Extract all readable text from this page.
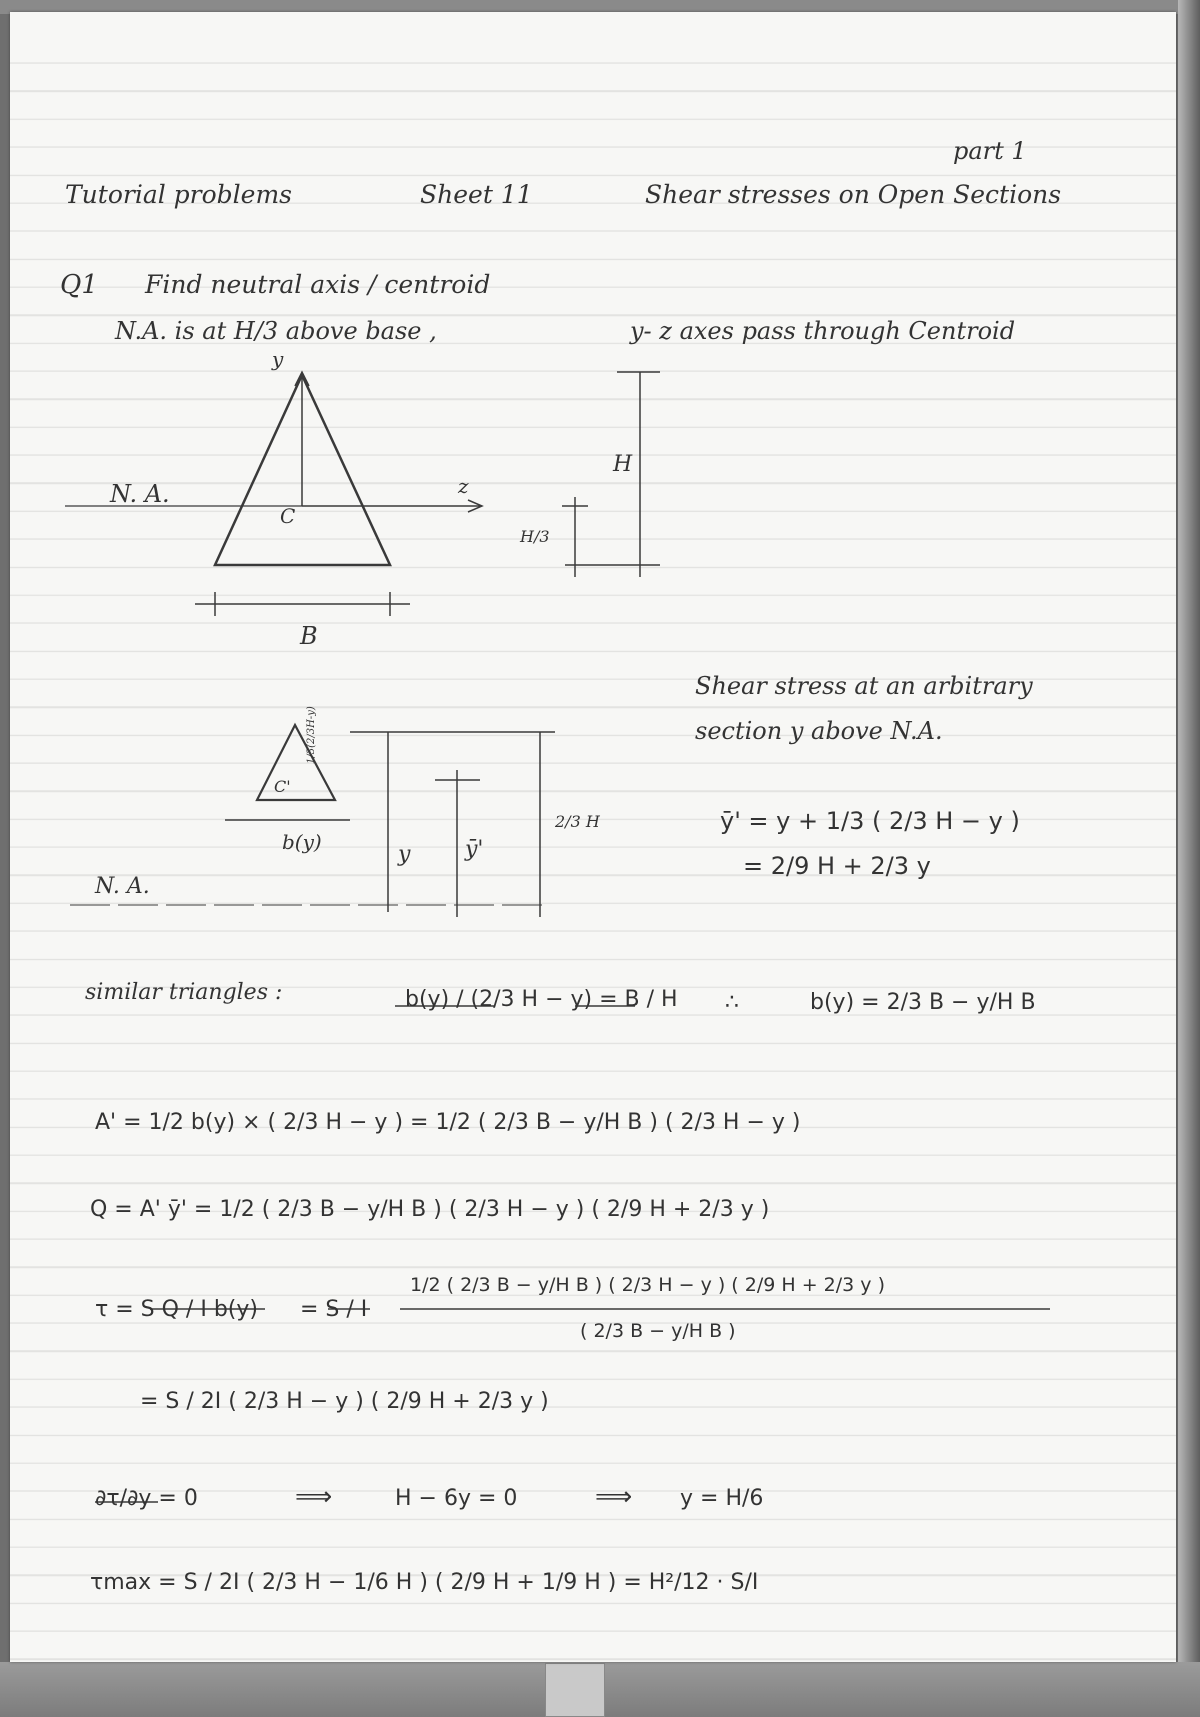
part 1
Tutorial problems	Sheet 11	Shear stresses on Open Sections
Q1 Find neutral axis / centroid
N.A. is at H/3 above base ,	y- z axes pass through Centroid
y
z
N. A.
C
B
H
H/3
Shear stress at an arbitrary
section y above N.A.
N. A.
C'
b(y)	y ȳ'
2/3 H
1/3(2/3H-y)
ȳ' = y + 1/3 ( 2/3 H − y )
= 2/9 H + 2/3 y
similar triangles :	b(y) / (2/3 H − y) = B / H ∴	b(y) = 2/3 B − y/H B
A' = 1/2 b(y) × ( 2/3 H − y ) = 1/2 ( 2/3 B − y/H B ) ( 2/3 H − y )
Q = A' ȳ' = 1/2 ( 2/3 B − y/H B ) ( 2/3 H − y ) ( 2/9 H + 2/3 y )
τ = S Q / I b(y) = S / I
1/2 ( 2/3 B − y/H B ) ( 2/3 H − y ) ( 2/9 H + 2/3 y )
( 2/3 B − y/H B )
= S / 2I ( 2/3 H − y ) ( 2/9 H + 2/3 y )
∂τ/∂y = 0	⟹	H − 6y = 0	⟹ y = H/6
τmax = S / 2I ( 2/3 H − 1/6 H ) ( 2/9 H + 1/9 H ) = H²/12 · S/I
